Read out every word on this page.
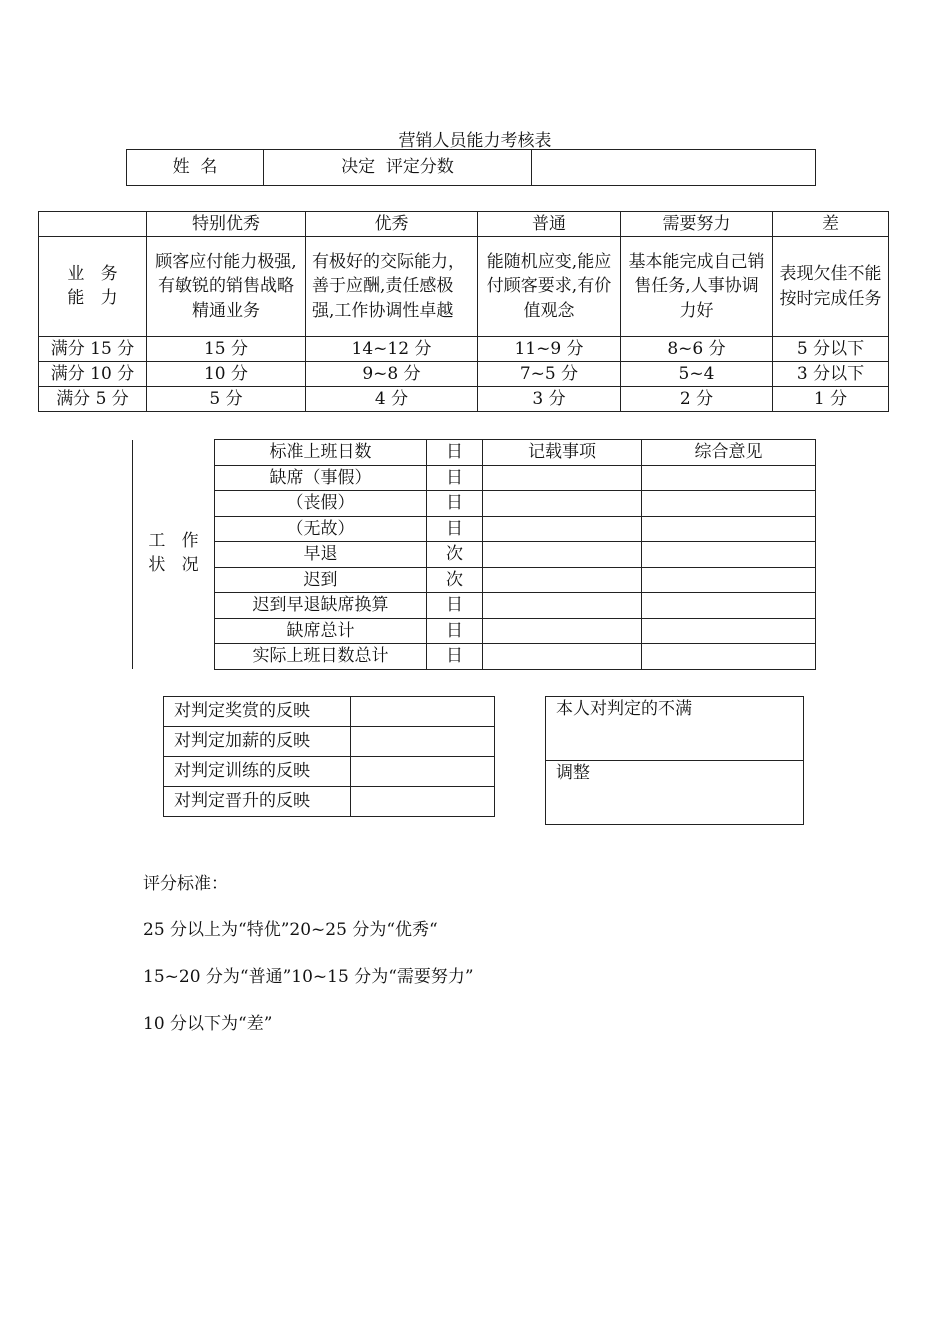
营销人员能力考核表
姓  名	决定  评定分数	
	特别优秀	优秀	普通	需要努力	差
业   务
能   力	顾客应付能力极强,有敏锐的销售战略精通业务	有极好的交际能力，善于应酬,责任感极强,工作协调性卓越	能随机应变,能应付顾客要求,有价值观念	基本能完成自己销售任务,人事协调力好	表现欠佳不能按时完成任务

满分 15 分	15 分	14~12 分	11~9 分	8~6 分	5 分以下
满分 10 分	10 分	9~8 分	7~5 分	5~4	3 分以下
满分 5 分	5 分	4 分	3 分	2 分	1 分
工   作
状   况	标准上班日数	日	记载事项	综合意见
	缺席（事假）	日		
	（丧假）	日		
	（无故）	日		
	早退	次		
	迟到	次		
	迟到早退缺席换算	日		
	缺席总计	日		
	实际上班日数总计	日		
对判定奖赏的反映	
对判定加薪的反映	
对判定训练的反映	
对判定晋升的反映	
本人对判定的不满
调整
评分标准：
25 分以上为“特优”20~25 分为“优秀“
15~20 分为“普通”10~15 分为“需要努力”
10 分以下为“差”
